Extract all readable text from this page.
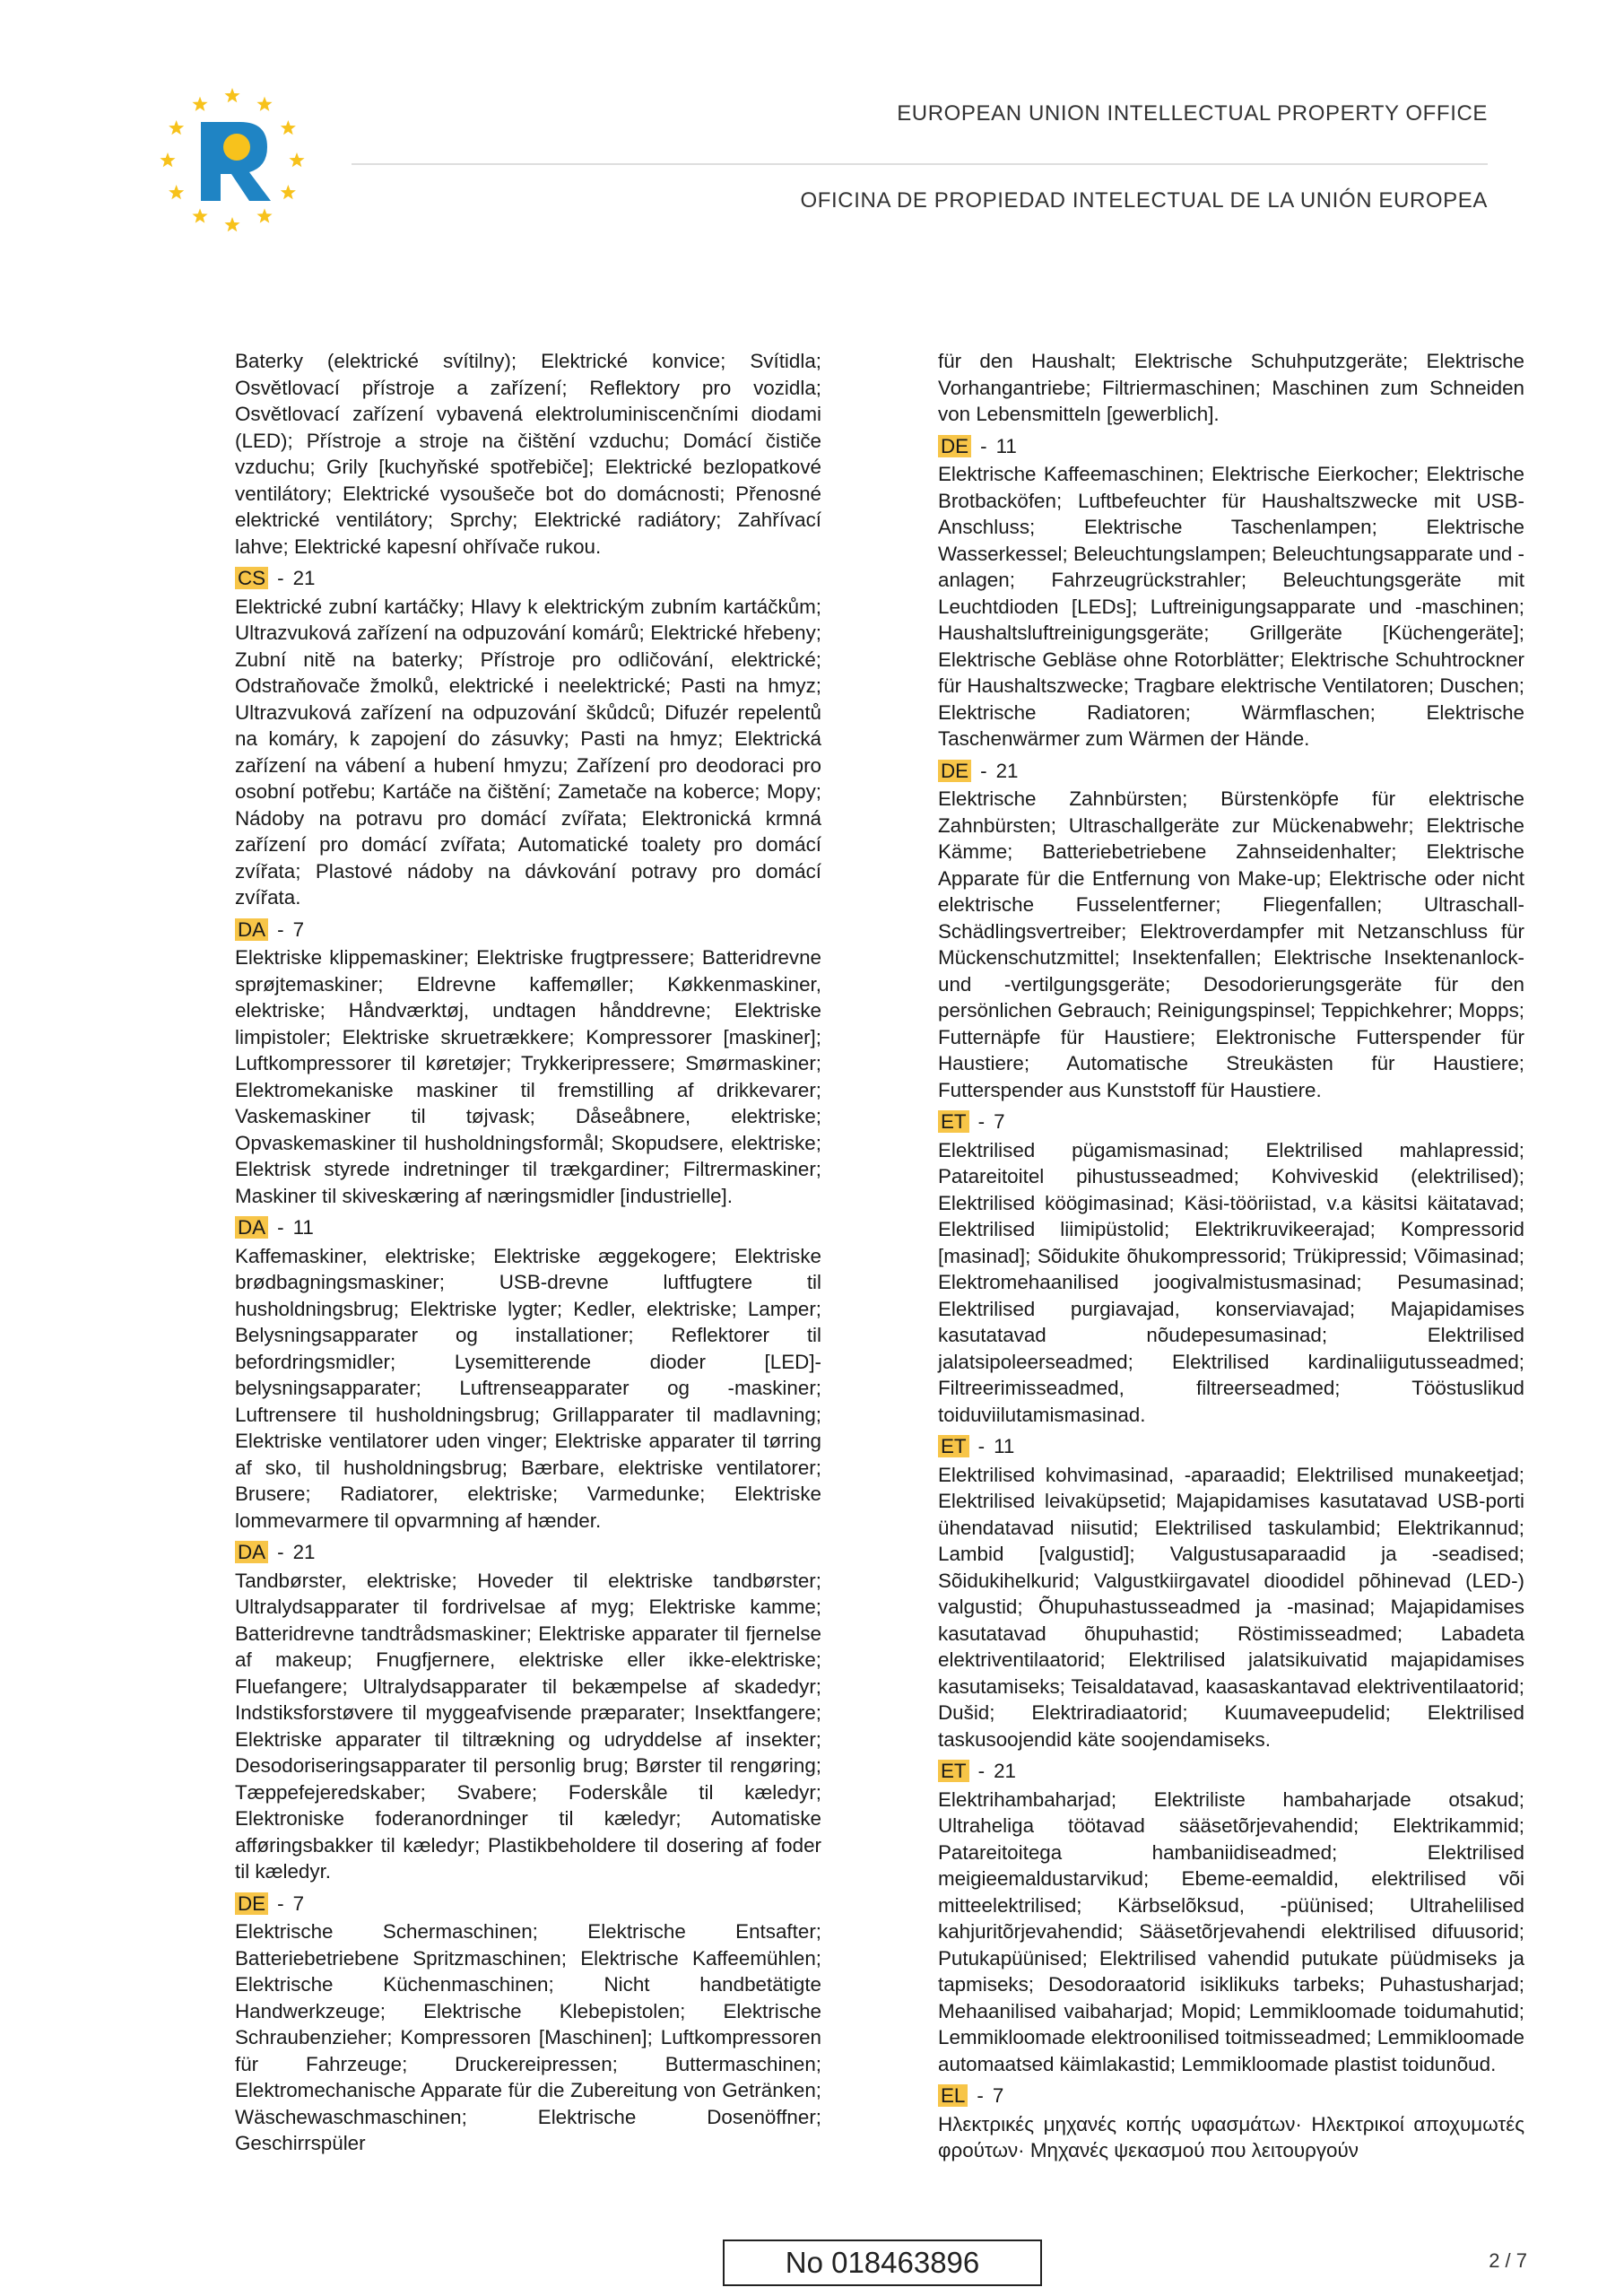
EUROPEAN UNION INTELLECTUAL PROPERTY OFFICE
OFICINA DE PROPIEDAD INTELECTUAL DE LA UNIÓN EUROPEA

Baterky (elektrické svítilny); Elektrické konvice; Svítidla; Osvětlovací přístroje a zařízení; Reflektory pro vozidla; Osvětlovací zařízení vybavená elektroluminiscenčními diodami (LED); Přístroje a stroje na čištění vzduchu; Domácí čističe vzduchu; Grily [kuchyňské spotřebiče]; Elektrické bezlopatkové ventilátory; Elektrické vysoušeče bot do domácnosti; Přenosné elektrické ventilátory; Sprchy; Elektrické radiátory; Zahřívací lahve; Elektrické kapesní ohřívače rukou.

CS - 21

Elektrické zubní kartáčky; Hlavy k elektrickým zubním kartáčkům; Ultrazvuková zařízení na odpuzování komárů; Elektrické hřebeny; Zubní nitě na baterky; Přístroje pro odličování, elektrické; Odstraňovače žmolků, elektrické i neelektrické; Pasti na hmyz; Ultrazvuková zařízení na odpuzování škůdců; Difuzér repelentů na komáry, k zapojení do zásuvky; Pasti na hmyz; Elektrická zařízení na vábení a hubení hmyzu; Zařízení pro deodoraci pro osobní potřebu; Kartáče na čištění; Zametače na koberce; Mopy; Nádoby na potravu pro domácí zvířata; Elektronická krmná zařízení pro domácí zvířata; Automatické toalety pro domácí zvířata; Plastové nádoby na dávkování potravy pro domácí zvířata.

DA - 7

Elektriske klippemaskiner; Elektriske frugtpressere; Batteridrevne sprøjtemaskiner; Eldrevne kaffemøller; Køkkenmaskiner, elektriske; Håndværktøj, undtagen hånddrevne; Elektriske limpistoler; Elektriske skruetrækkere; Kompressorer [maskiner]; Luftkompressorer til køretøjer; Trykkeripressere; Smørmaskiner; Elektromekaniske maskiner til fremstilling af drikkevarer; Vaskemaskiner til tøjvask; Dåseåbnere, elektriske; Opvaskemaskiner til husholdningsformål; Skopudsere, elektriske; Elektrisk styrede indretninger til trækgardiner; Filtrermaskiner; Maskiner til skiveskæring af næringsmidler [industrielle].

DA - 11

Kaffemaskiner, elektriske; Elektriske æggekogere; Elektriske brødbagningsmaskiner; USB-drevne luftfugtere til husholdningsbrug; Elektriske lygter; Kedler, elektriske; Lamper; Belysningsapparater og installationer; Reflektorer til befordringsmidler; Lysemitterende dioder [LED]-belysningsapparater; Luftrenseapparater og -maskiner; Luftrensere til husholdningsbrug; Grillapparater til madlavning; Elektriske ventilatorer uden vinger; Elektriske apparater til tørring af sko, til husholdningsbrug; Bærbare, elektriske ventilatorer; Brusere; Radiatorer, elektriske; Varmedunke; Elektriske lommevarmere til opvarmning af hænder.

DA - 21

Tandbørster, elektriske; Hoveder til elektriske tandbørster; Ultralydsapparater til fordrivelsae af myg; Elektriske kamme; Batteridrevne tandtrådsmaskiner; Elektriske apparater til fjernelse af makeup; Fnugfjernere, elektriske eller ikke-elektriske; Fluefangere; Ultralydsapparater til bekæmpelse af skadedyr; Indstiksforstøvere til myggeafvisende præparater; Insektfangere; Elektriske apparater til tiltrækning og udryddelse af insekter; Desodoriseringsapparater til personlig brug; Børster til rengøring; Tæppefejeredskaber; Svabere; Foderskåle til kæledyr; Elektroniske foderanordninger til kæledyr; Automatiske afføringsbakker til kæledyr; Plastikbeholdere til dosering af foder til kæledyr.

DE - 7

Elektrische Schermaschinen; Elektrische Entsafter; Batteriebetriebene Spritzmaschinen; Elektrische Kaffeemühlen; Elektrische Küchenmaschinen; Nicht handbetätigte Handwerkzeuge; Elektrische Klebepistolen; Elektrische Schraubenzieher; Kompressoren [Maschinen]; Luftkompressoren für Fahrzeuge; Druckereipressen; Buttermaschinen; Elektromechanische Apparate für die Zubereitung von Getränken; Wäschewaschmaschinen; Elektrische Dosenöffner; Geschirrspüler

für den Haushalt; Elektrische Schuhputzgeräte; Elektrische Vorhangantriebe; Filtriermaschinen; Maschinen zum Schneiden von Lebensmitteln [gewerblich].

DE - 11

Elektrische Kaffeemaschinen; Elektrische Eierkocher; Elektrische Brotbacköfen; Luftbefeuchter für Haushaltszwecke mit USB-Anschluss; Elektrische Taschenlampen; Elektrische Wasserkessel; Beleuchtungslampen; Beleuchtungsapparate und -anlagen; Fahrzeugrückstrahler; Beleuchtungsgeräte mit Leuchtdioden [LEDs]; Luftreinigungsapparate und -maschinen; Haushaltsluftreinigungsgeräte; Grillgeräte [Küchengeräte]; Elektrische Gebläse ohne Rotorblätter; Elektrische Schuhtrockner für Haushaltszwecke; Tragbare elektrische Ventilatoren; Duschen; Elektrische Radiatoren; Wärmflaschen; Elektrische Taschenwärmer zum Wärmen der Hände.

DE - 21

Elektrische Zahnbürsten; Bürstenköpfe für elektrische Zahnbürsten; Ultraschallgeräte zur Mückenabwehr; Elektrische Kämme; Batteriebetriebene Zahnseidenhalter; Elektrische Apparate für die Entfernung von Make-up; Elektrische oder nicht elektrische Fusselentferner; Fliegenfallen; Ultraschall-Schädlingsvertreiber; Elektroverdampfer mit Netzanschluss für Mückenschutzmittel; Insektenfallen; Elektrische Insektenanlock- und -vertilgungsgeräte; Desodorierungsgeräte für den persönlichen Gebrauch; Reinigungspinsel; Teppichkehrer; Mopps; Futternäpfe für Haustiere; Elektronische Futterspender für Haustiere; Automatische Streukästen für Haustiere; Futterspender aus Kunststoff für Haustiere.

ET - 7

Elektrilised pügamismasinad; Elektrilised mahlapressid; Patareitoitel pihustusseadmed; Kohviveskid (elektrilised); Elektrilised köögimasinad; Käsi-tööriistad, v.a käsitsi käitatavad; Elektrilised liimipüstolid; Elektrikruvikeerajad; Kompressorid [masinad]; Sõidukite õhukompressorid; Trükipressid; Võimasinad; Elektromehaanilised joogivalmistusmasinad; Pesumasinad; Elektrilised purgiavajad, konserviavajad; Majapidamises kasutatavad nõudepesumasinad; Elektrilised jalatsipoleerseadmed; Elektrilised kardinaliigutusseadmed; Filtreerimisseadmed, filtreerseadmed; Tööstuslikud toiduviilutamismasinad.

ET - 11

Elektrilised kohvimasinad, -aparaadid; Elektrilised munakeetjad; Elektrilised leivaküpsetid; Majapidamises kasutatavad USB-porti ühendatavad niisutid; Elektrilised taskulambid; Elektrikannud; Lambid [valgustid]; Valgustusaparaadid ja -seadised; Sõidukihelkurid; Valgustkiirgavatel dioodidel põhinevad (LED-) valgustid; Õhupuhastusseadmed ja -masinad; Majapidamises kasutatavad õhupuhastid; Röstimisseadmed; Labadeta elektriventilaatorid; Elektrilised jalatsikuivatid majapidamises kasutamiseks; Teisaldatavad, kaasaskantavad elektriventilaatorid; Dušid; Elektriradiaatorid; Kuumaveepudelid; Elektrilised taskusoojendid käte soojendamiseks.

ET - 21

Elektrihambaharjad; Elektriliste hambaharjade otsakud; Ultraheliga töötavad sääsetõrjevahendid; Elektrikammid; Patareitoitega hambaniidiseadmed; Elektrilised meigieemaldustarvikud; Ebeme-eemaldid, elektrilised või mitteelektrilised; Kärbselõksud, -püünised; Ultrahelilised kahjuritõrjevahendid; Sääsetõrjevahendi elektrilised difuusorid; Putukapüünised; Elektrilised vahendid putukate püüdmiseks ja tapmiseks; Desodoraatorid isiklikuks tarbeks; Puhastusharjad; Mehaanilised vaibaharjad; Mopid; Lemmikloomade toidumahutid; Lemmikloomade elektroonilised toitmisseadmed; Lemmikloomade automaatsed käimlakastid; Lemmikloomade plastist toidunõud.

EL - 7

Ηλεκτρικές μηχανές κοπής υφασμάτων· Ηλεκτρικοί αποχυμωτές φρούτων· Μηχανές ψεκασμού που λειτουργούν

No 018463896	2 / 7
